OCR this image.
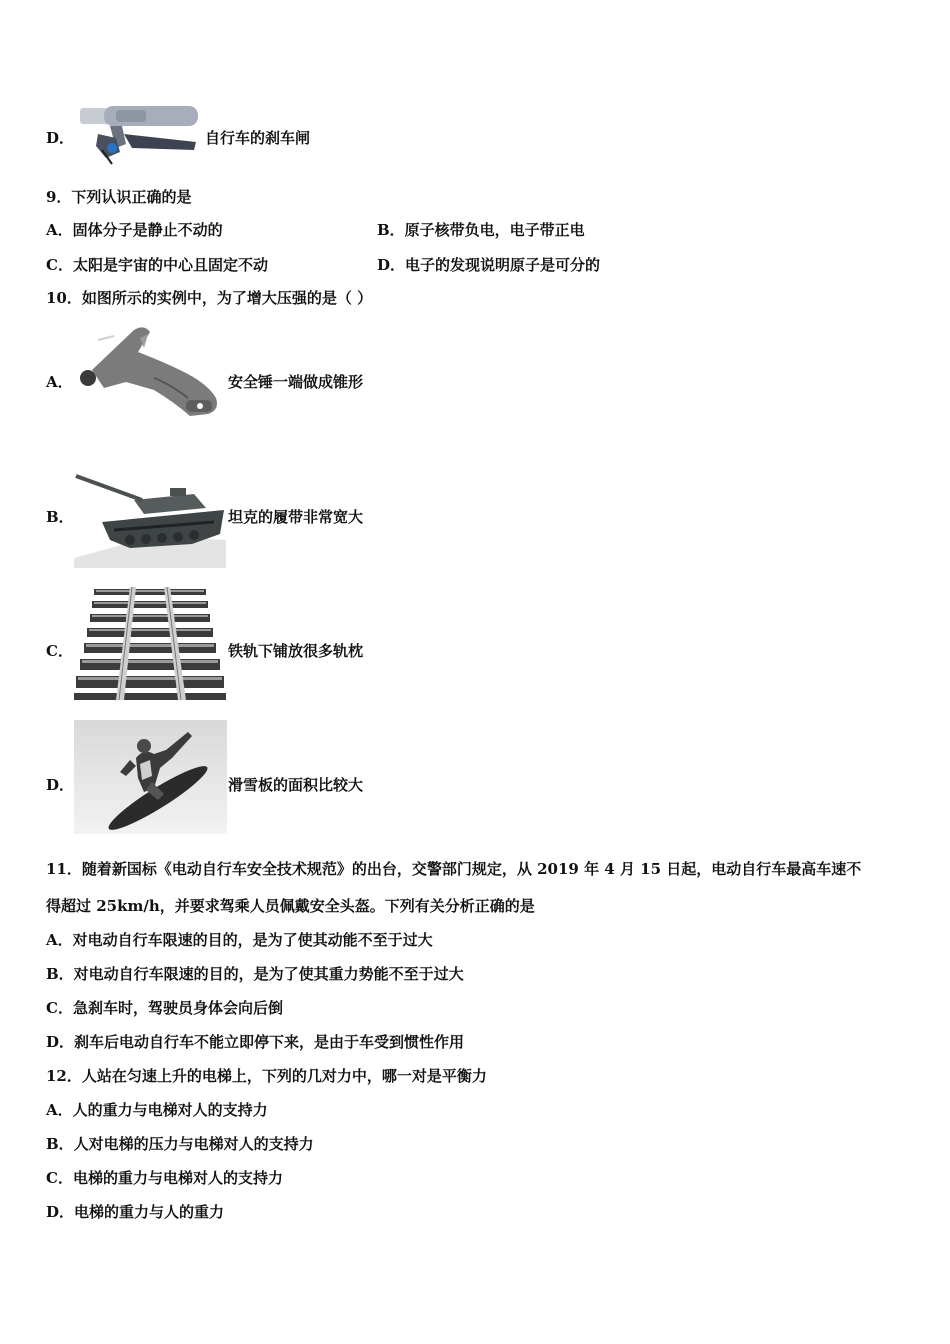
D．	自行车的刹车闸
9．下列认识正确的是
A．固体分子是静止不动的	B．原子核带负电，电子带正电
C．太阳是宇宙的中心且固定不动	D．电子的发现说明原子是可分的
10．如图所示的实例中，为了增大压强的是（ ）
A．	安全锤一端做成锥形
B．	坦克的履带非常宽大
C．	铁轨下铺放很多轨枕
D．	滑雪板的面积比较大
11．随着新国标《电动自行车安全技术规范》的出台，交警部门规定，从 2019 年 4 月 15 日起，电动自行车最高车速不
得超过 25km/h，并要求驾乘人员佩戴安全头盔。下列有关分析正确的是
A．对电动自行车限速的目的，是为了使其动能不至于过大
B．对电动自行车限速的目的，是为了使其重力势能不至于过大
C．急刹车时，驾驶员身体会向后倒
D．刹车后电动自行车不能立即停下来，是由于车受到惯性作用
12．人站在匀速上升的电梯上，下列的几对力中，哪一对是平衡力
A．人的重力与电梯对人的支持力
B．人对电梯的压力与电梯对人的支持力
C．电梯的重力与电梯对人的支持力
D．电梯的重力与人的重力
